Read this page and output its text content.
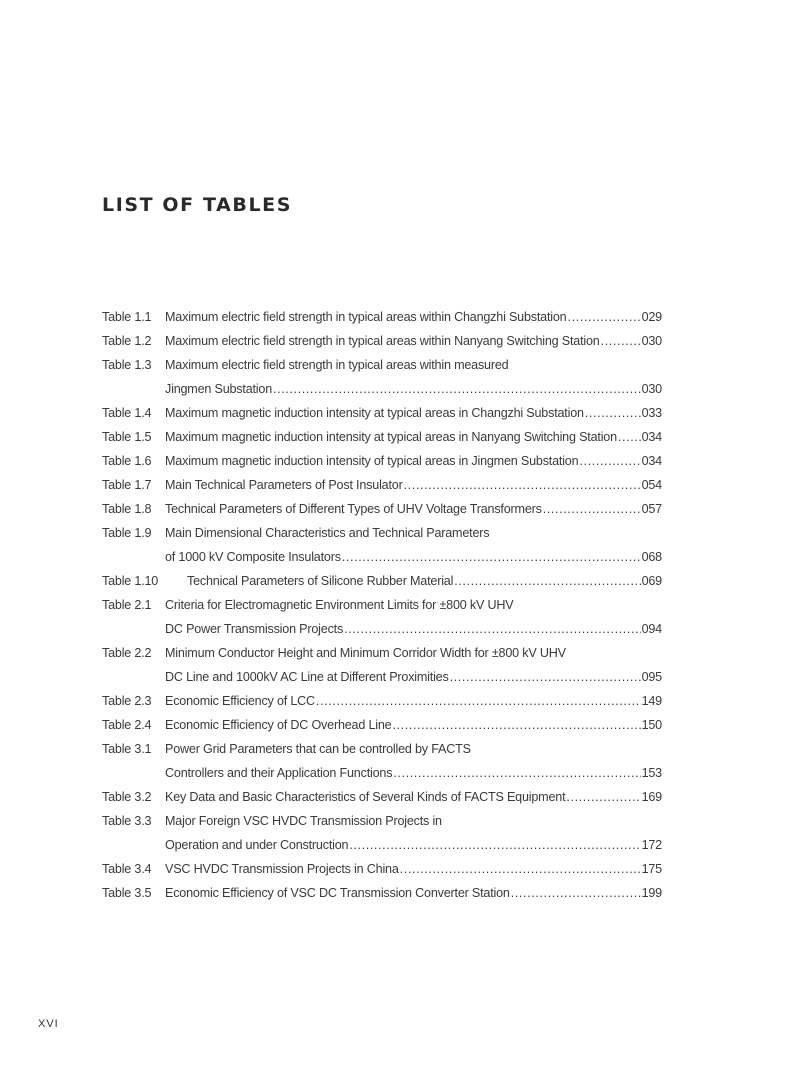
LIST OF TABLES
Table 1.1	Maximum electric field strength in typical areas within Changzhi Substation .....	029
Table 1.2	Maximum electric field strength in typical areas within Nanyang Switching Station .....	030
Table 1.3	Maximum electric field strength in typical areas within measured
Jingmen Substation .....	030
Table 1.4	Maximum magnetic induction intensity at typical areas in Changzhi Substation .....	033
Table 1.5	Maximum magnetic induction intensity at typical areas in Nanyang Switching Station ..... 034
Table 1.6	Maximum magnetic induction intensity of typical areas in Jingmen Substation .....	034
Table 1.7	Main Technical Parameters of Post Insulator .....	054
Table 1.8	Technical Parameters of Different Types of UHV Voltage Transformers .....	057
Table 1.9	Main Dimensional Characteristics and Technical Parameters
of 1000 kV Composite Insulators .....	068
Table 1.10	Technical Parameters of Silicone Rubber Material .....	069
Table 2.1	Criteria for Electromagnetic Environment Limits for ±800 kV UHV
DC Power Transmission Projects .....	094
Table 2.2	Minimum Conductor Height and Minimum Corridor Width for ±800 kV UHV
DC Line and 1000kV AC Line at Different Proximities .....	095
Table 2.3	Economic Efficiency of LCC .....	149
Table 2.4	Economic Efficiency of DC Overhead Line .....	150
Table 3.1	Power Grid Parameters that can be controlled by FACTS
Controllers and their Application Functions .....	153
Table 3.2	Key Data and Basic Characteristics of Several Kinds of FACTS Equipment .....	169
Table 3.3	Major Foreign VSC HVDC Transmission Projects in
Operation and under Construction .....	172
Table 3.4	VSC HVDC Transmission Projects in China .....	175
Table 3.5	Economic Efficiency of VSC DC Transmission Converter Station .....	199
XVI
